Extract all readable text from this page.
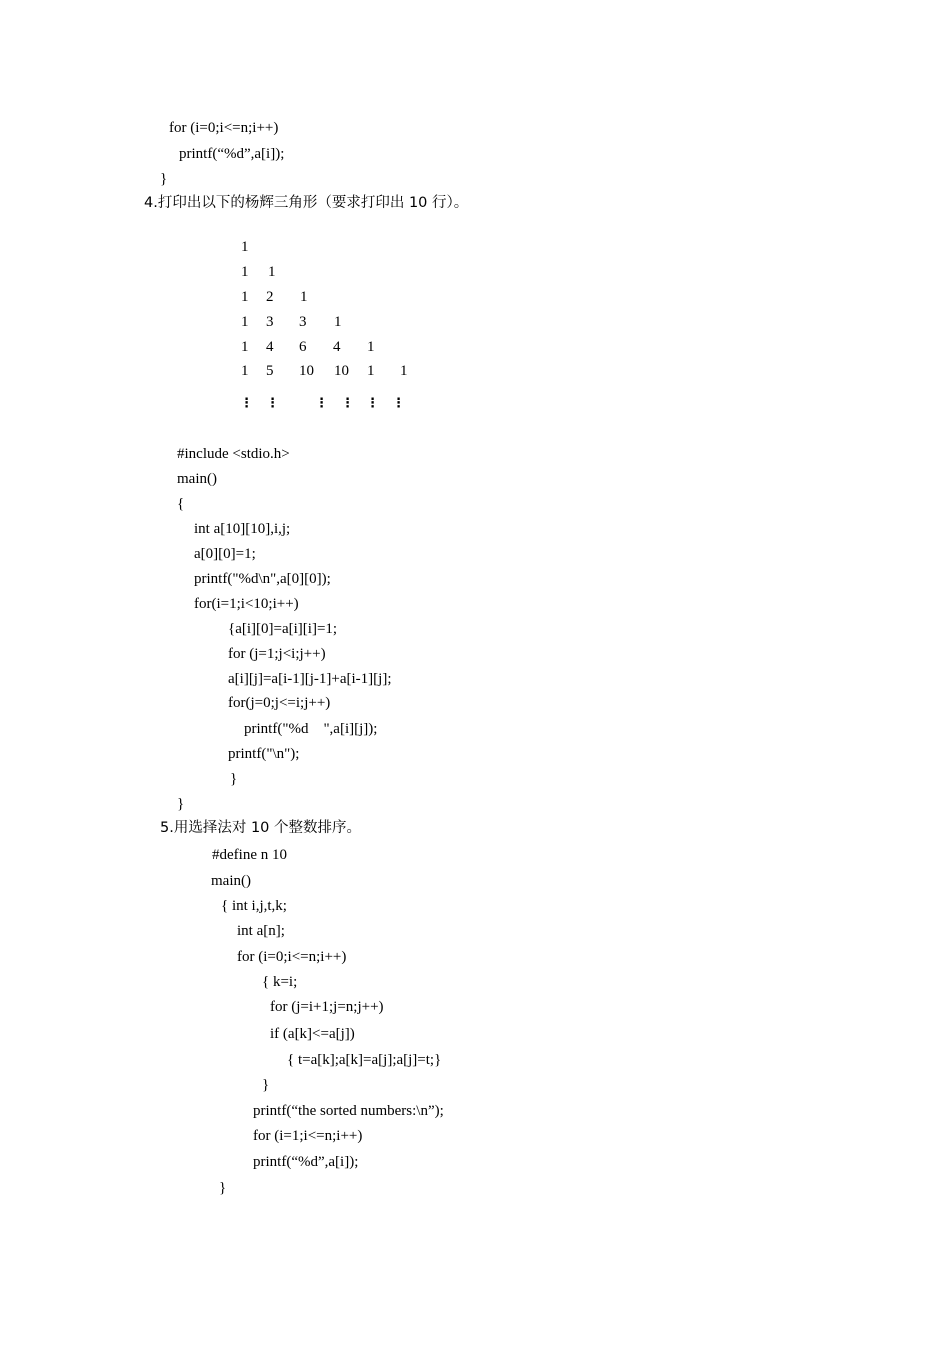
for (i=0;i<=n;i++)
printf(“%d”,a[i]);
}
4.打印出以下的杨辉三角形（要求打印出 10 行）。
1
1 1
1 2 1
1 3 3 1
1 4 6 4 1
1 5 10 10 1 1
⋮ ⋮	⋮ ⋮ ⋮ ⋮
#include <stdio.h>
main()
{
int a[10][10],i,j;
a[0][0]=1;
printf("%d\n",a[0][0]);
for(i=1;i<10;i++)
{a[i][0]=a[i][i]=1;
for (j=1;j<i;j++)
a[i][j]=a[i-1][j-1]+a[i-1][j];
for(j=0;j<=i;j++)
printf("%d    ",a[i][j]);
printf("\n");
}
}
5.用选择法对 10 个整数排序。
#define n 10
main()
{ int i,j,t,k;
int a[n];
for (i=0;i<=n;i++)
{ k=i;
for (j=i+1;j=n;j++)
if (a[k]<=a[j])
{ t=a[k];a[k]=a[j];a[j]=t;}
}
printf(“the sorted numbers:\n”);
for (i=1;i<=n;i++)
printf(“%d”,a[i]);
}
